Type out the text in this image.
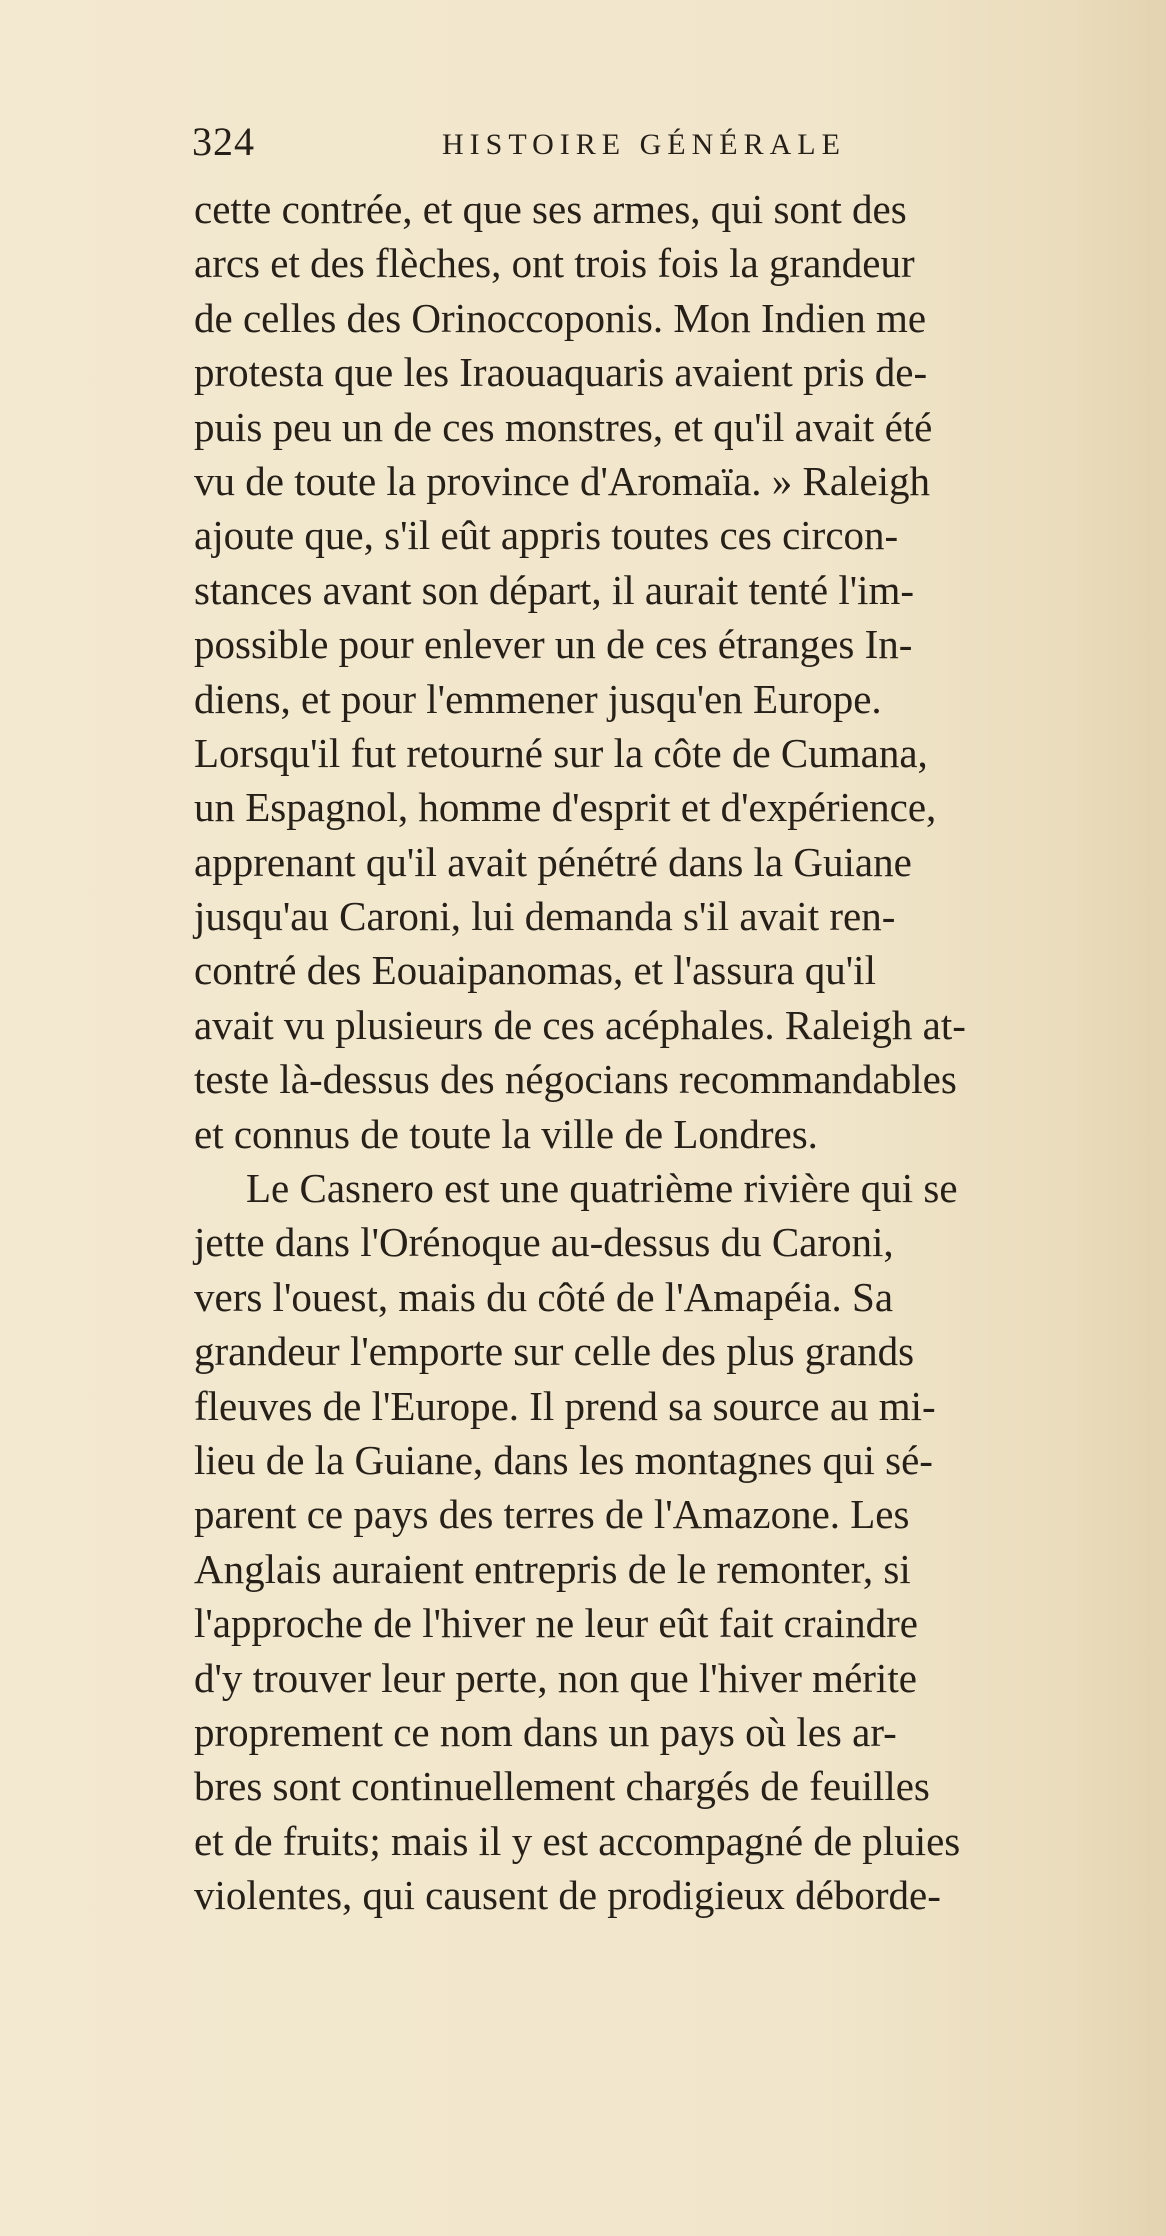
324	HISTOIRE GÉNÉRALE
cette contrée, et que ses armes, qui sont des
arcs et des flèches, ont trois fois la grandeur
de celles des Orinoccoponis. Mon Indien me
protesta que les Iraouaquaris avaient pris de-
puis peu un de ces monstres, et qu'il avait été
vu de toute la province d'Aromaïa. » Raleigh
ajoute que, s'il eût appris toutes ces circon-
stances avant son départ, il aurait tenté l'im-
possible pour enlever un de ces étranges In-
diens, et pour l'emmener jusqu'en Europe.
Lorsqu'il fut retourné sur la côte de Cumana,
un Espagnol, homme d'esprit et d'expérience,
apprenant qu'il avait pénétré dans la Guiane
jusqu'au Caroni, lui demanda s'il avait ren-
contré des Eouaipanomas, et l'assura qu'il
avait vu plusieurs de ces acéphales. Raleigh at-
teste là-dessus des négocians recommandables
et connus de toute la ville de Londres.
Le Casnero est une quatrième rivière qui se
jette dans l'Orénoque au-dessus du Caroni,
vers l'ouest, mais du côté de l'Amapéia. Sa
grandeur l'emporte sur celle des plus grands
fleuves de l'Europe. Il prend sa source au mi-
lieu de la Guiane, dans les montagnes qui sé-
parent ce pays des terres de l'Amazone. Les
Anglais auraient entrepris de le remonter, si
l'approche de l'hiver ne leur eût fait craindre
d'y trouver leur perte, non que l'hiver mérite
proprement ce nom dans un pays où les ar-
bres sont continuellement chargés de feuilles
et de fruits; mais il y est accompagné de pluies
violentes, qui causent de prodigieux déborde-
